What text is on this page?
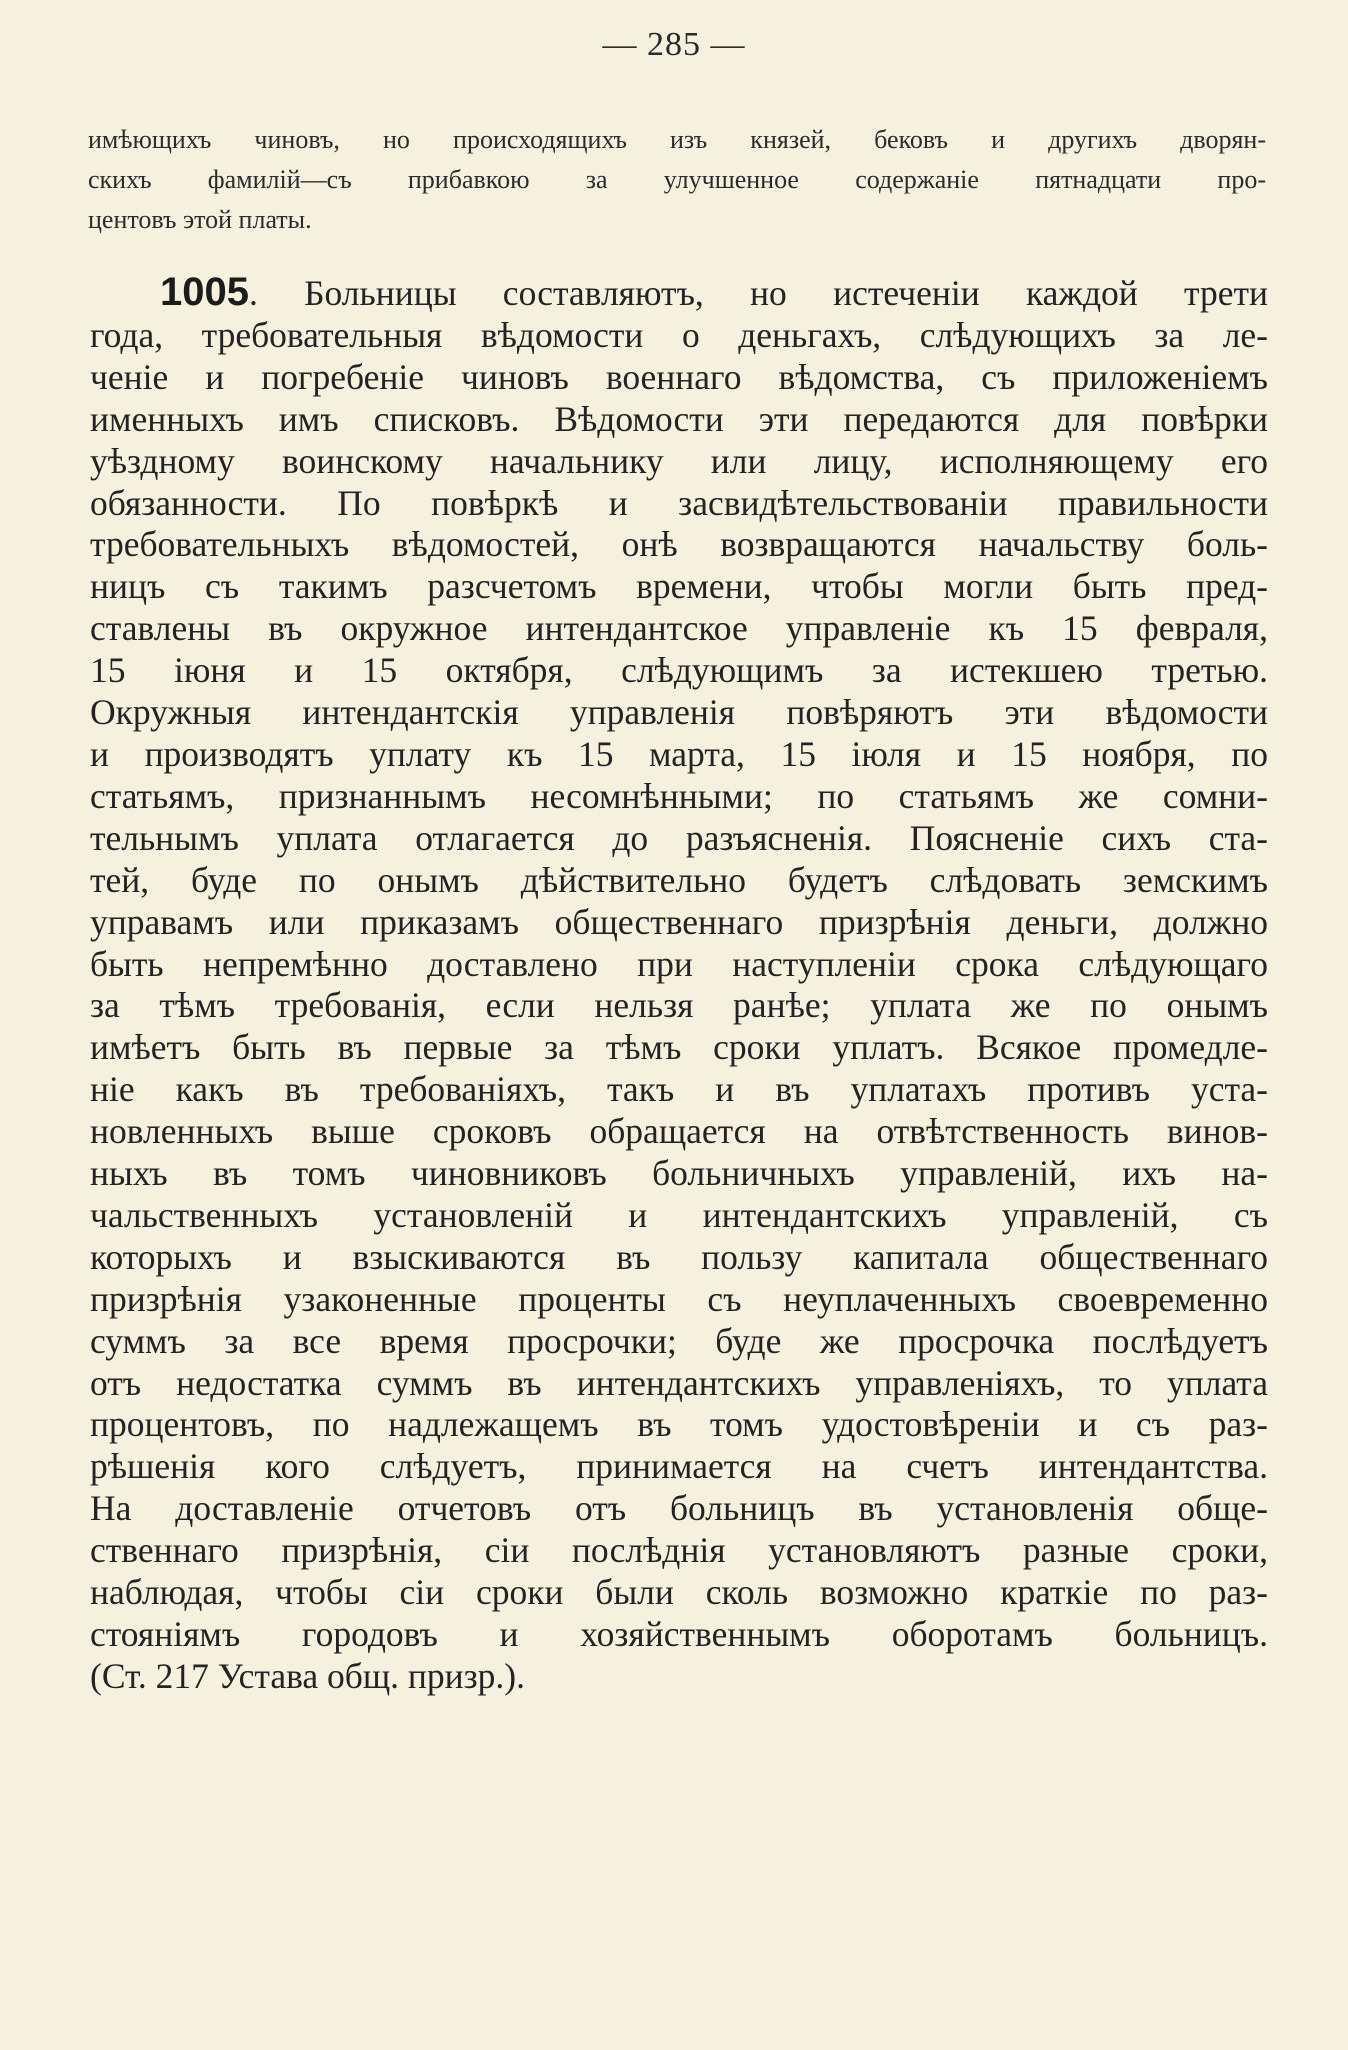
— 285 —
имѣющихъ чиновъ, но происходящихъ изъ князей, бековъ и другихъ дворян-
скихъ фамилій—съ прибавкою за улучшенное содержаніе пятнадцати про-
центовъ этой платы.
1005. Больницы составляютъ, но истеченіи каждой трети
года, требовательныя вѣдомости о деньгахъ, слѣдующихъ за ле-
ченіе и погребеніе чиновъ военнаго вѣдомства, съ приложеніемъ
именныхъ имъ списковъ. Вѣдомости эти передаются для повѣрки
уѣздному воинскому начальнику или лицу, исполняющему его
обязанности. По повѣркѣ и засвидѣтельствованіи правильности
требовательныхъ вѣдомостей, онѣ возвращаются начальству боль-
ницъ съ такимъ разсчетомъ времени, чтобы могли быть пред-
ставлены въ окружное интендантское управленіе къ 15 февраля,
15 іюня и 15 октября, слѣдующимъ за истекшею третью.
Окружныя интендантскія управленія повѣряютъ эти вѣдомости
и производятъ уплату къ 15 марта, 15 іюля и 15 ноября, по
статьямъ, признаннымъ несомнѣнными; по статьямъ же сомни-
тельнымъ уплата отлагается до разъясненія. Поясненіе сихъ ста-
тей, буде по онымъ дѣйствительно будетъ слѣдовать земскимъ
управамъ или приказамъ общественнаго призрѣнія деньги, должно
быть непремѣнно доставлено при наступленіи срока слѣдующаго
за тѣмъ требованія, если нельзя ранѣе; уплата же по онымъ
имѣетъ быть въ первые за тѣмъ сроки уплатъ. Всякое промедле-
ніе какъ въ требованіяхъ, такъ и въ уплатахъ противъ уста-
новленныхъ выше сроковъ обращается на отвѣтственность винов-
ныхъ въ томъ чиновниковъ больничныхъ управленій, ихъ на-
чальственныхъ установленій и интендантскихъ управленій, съ
которыхъ и взыскиваются въ пользу капитала общественнаго
призрѣнія узаконенные проценты съ неуплаченныхъ своевременно
суммъ за все время просрочки; буде же просрочка послѣдуетъ
отъ недостатка суммъ въ интендантскихъ управленіяхъ, то уплата
процентовъ, по надлежащемъ въ томъ удостовѣреніи и съ раз-
рѣшенія кого слѣдуетъ, принимается на счетъ интендантства.
На доставленіе отчетовъ отъ больницъ въ установленія обще-
ственнаго призрѣнія, сіи послѣднія установляютъ разные сроки,
наблюдая, чтобы сіи сроки были сколь возможно краткіе по раз-
стояніямъ городовъ и хозяйственнымъ оборотамъ больницъ.
(Ст. 217 Устава общ. призр.).
